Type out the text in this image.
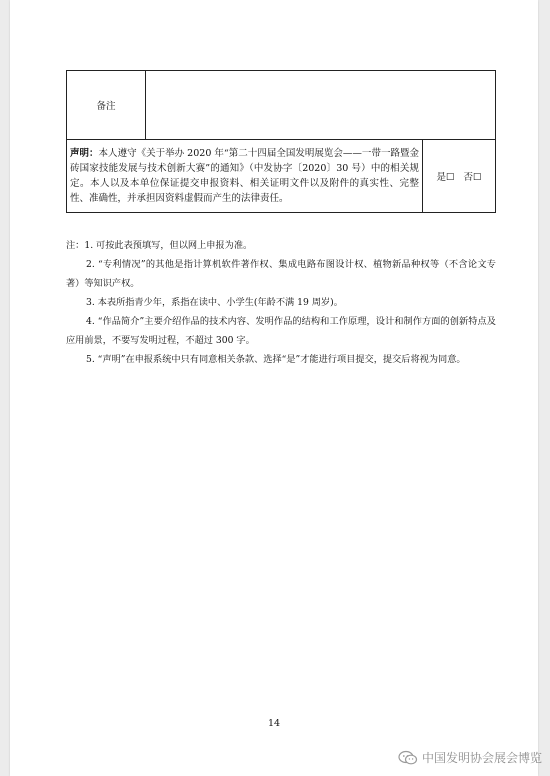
备注		
声明：本人遵守《关于举办 2020 年“第二十四届全国发明展览会——一带一路暨金砖国家技能发展与技术创新大赛”的通知》（中发协字〔2020〕30 号）中的相关规定。本人以及本单位保证提交申报资料、相关证明文件以及附件的真实性、完整性、准确性，并承担因资料虚假而产生的法律责任。		是☐ 否☐

注：1. 可按此表预填写，但以网上申报为准。

2. “专利情况”的其他是指计算机软件著作权、集成电路布图设计权、植物新品种权等（不含论文专著）等知识产权。

3. 本表所指青少年，系指在读中、小学生(年龄不满 19 周岁)。

4. “作品简介”主要介绍作品的技术内容、发明作品的结构和工作原理，设计和制作方面的创新特点及应用前景，不要写发明过程，不超过 300 字。

5. “声明”在申报系统中只有同意相关条款、选择“是”才能进行项目提交，提交后将视为同意。

14
中国发明协会展会博览
